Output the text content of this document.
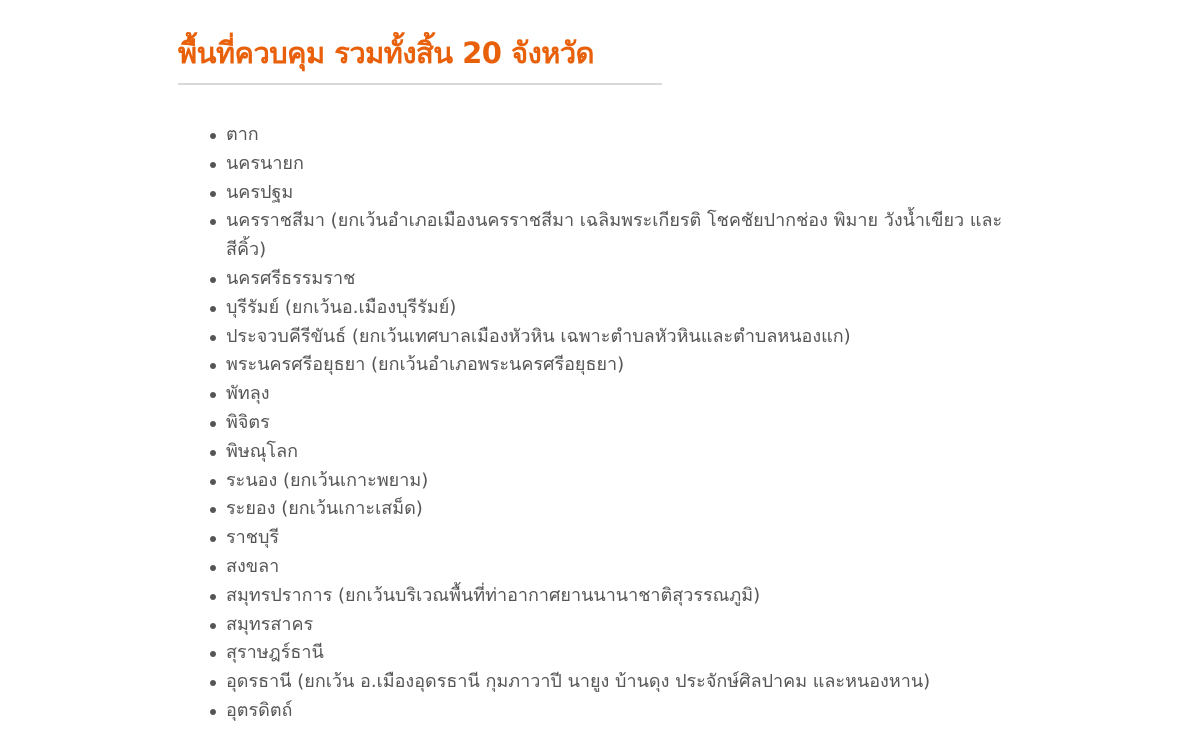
พื้นที่ควบคุม รวมทั้งสิ้น 20 จังหวัด
ตาก
นครนายก
นครปฐม
นครราชสีมา (ยกเว้นอำเภอเมืองนครราชสีมา เฉลิมพระเกียรติ โชคชัยปากช่อง พิมาย วังน้ำเขียว และสีคิ้ว)
นครศรีธรรมราช
บุรีรัมย์ (ยกเว้นอ.เมืองบุรีรัมย์)
ประจวบคีรีขันธ์ (ยกเว้นเทศบาลเมืองหัวหิน เฉพาะตำบลหัวหินและตำบลหนองแก)
พระนครศรีอยุธยา (ยกเว้นอำเภอพระนครศรีอยุธยา)
พัทลุง
พิจิตร
พิษณุโลก
ระนอง (ยกเว้นเกาะพยาม)
ระยอง (ยกเว้นเกาะเสม็ด)
ราชบุรี
สงขลา
สมุทรปราการ (ยกเว้นบริเวณพื้นที่ท่าอากาศยานนานาชาติสุวรรณภูมิ)
สมุทรสาคร
สุราษฎร์ธานี
อุดรธานี (ยกเว้น อ.เมืองอุดรธานี กุมภาวาปี นายูง บ้านดุง ประจักษ์ศิลปาคม และหนองหาน)
อุตรดิตถ์
